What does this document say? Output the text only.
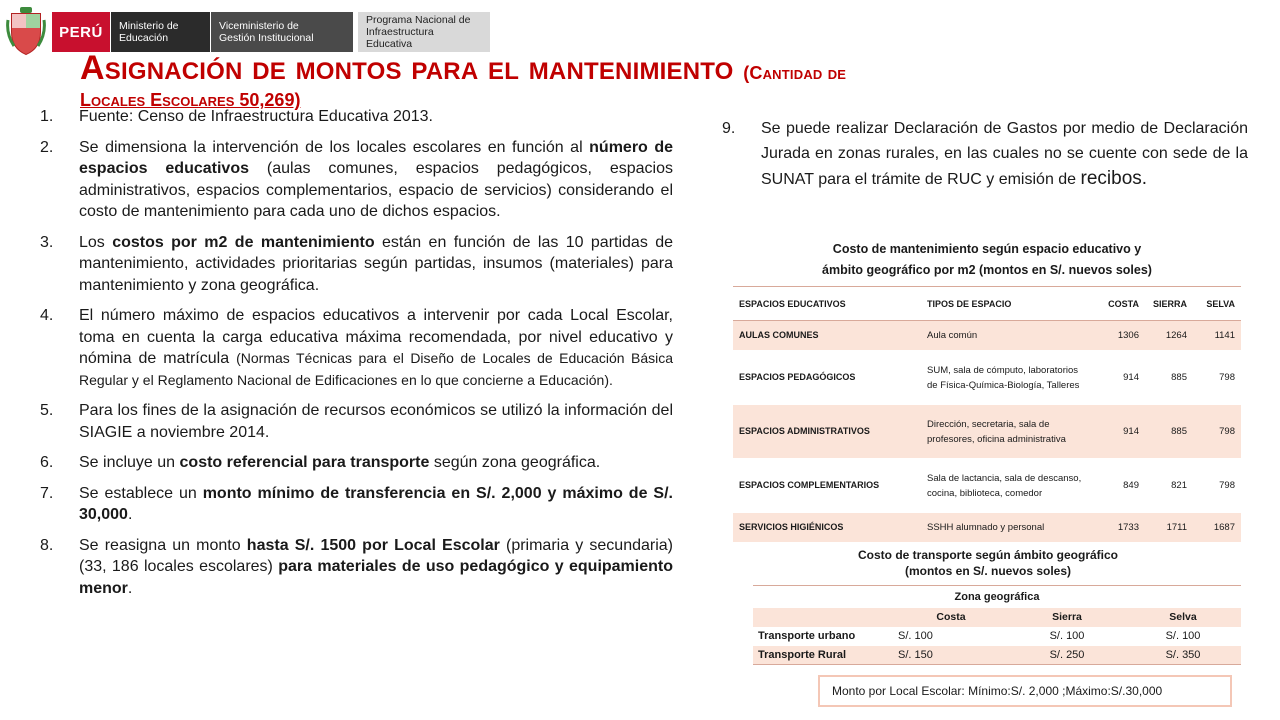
PERÚ	Ministerio de
Educación
Viceministerio de
Gestión Institucional
Programa Nacional de
Infraestructura Educativa
Asignación de montos para el mantenimiento (Cantidad de
Locales Escolares 50,269)
1.	Fuente: Censo de Infraestructura Educativa 2013.
2.	Se dimensiona la intervención de los locales escolares en función al número de espacios educativos (aulas comunes, espacios pedagógicos, espacios administrativos, espacios complementarios, espacio de servicios) considerando el costo de mantenimiento para cada uno de dichos espacios.
3.	Los costos por m2 de mantenimiento están en función de las 10 partidas de mantenimiento, actividades prioritarias según partidas, insumos (materiales) para mantenimiento y zona geográfica.
4.	El número máximo de espacios educativos a intervenir por cada Local Escolar, toma en cuenta la carga educativa máxima recomendada, por nivel educativo y nómina de matrícula (Normas Técnicas para el Diseño de Locales de Educación Básica Regular y el Reglamento Nacional de Edificaciones en lo que concierne a Educación).
5.	Para los fines de la asignación de recursos económicos se utilizó la información del SIAGIE a noviembre 2014.
6.	Se incluye un costo referencial para transporte según zona geográfica.
7.	Se establece un monto mínimo de transferencia en S/. 2,000 y máximo de S/. 30,000.
8.	Se reasigna un monto hasta S/. 1500 por Local Escolar (primaria y secundaria) (33, 186 locales escolares) para materiales de uso pedagógico y equipamiento menor.
9.	Se puede realizar Declaración de Gastos por medio de Declaración Jurada en zonas rurales, en las cuales no se cuente con sede de la SUNAT para el trámite de RUC y emisión de recibos.
Costo de mantenimiento según espacio educativo y
ámbito geográfico por m2 (montos en S/. nuevos soles)
ESPACIOS EDUCATIVOS	TIPOS DE ESPACIO	COSTA	SIERRA	SELVA
AULAS COMUNES	Aula común	1306	1264	1141
ESPACIOS PEDAGÓGICOS	SUM, sala de cómputo, laboratorios de Física-Química-Biología, Talleres	914	885	798
ESPACIOS ADMINISTRATIVOS	Dirección, secretaria, sala de profesores, oficina administrativa	914	885	798
ESPACIOS COMPLEMENTARIOS	Sala de lactancia, sala de descanso, cocina, biblioteca, comedor	849	821	798
SERVICIOS HIGIÉNICOS	SSHH alumnado y personal	1733	1711	1687
Costo de transporte según ámbito geográfico
(montos en S/. nuevos soles)
Zona geográfica			
	Costa	Sierra	Selva
Transporte urbano	S/. 100	S/. 100	S/. 100
Transporte Rural	S/. 150	S/. 250	S/. 350
Monto por Local Escolar: Mínimo: S/. 2,000 ; Máximo: S/.30,000
